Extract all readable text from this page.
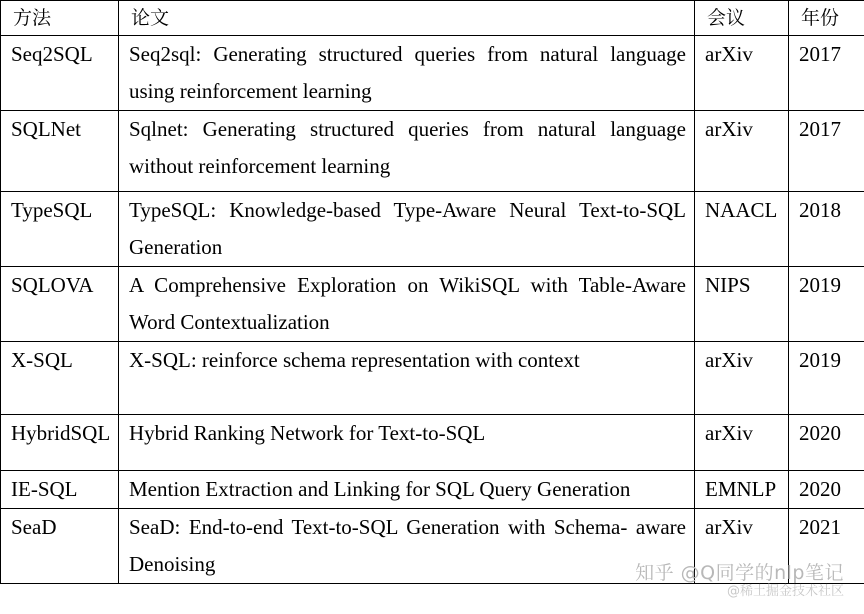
方法	论文	会议	年份
Seq2SQL	Seq2sql: Generating structured queries from natural language using reinforcement learning	arXiv	2017
SQLNet	Sqlnet: Generating structured queries from natural language without reinforcement learning	arXiv	2017
TypeSQL	TypeSQL: Knowledge-based Type-Aware Neural Text-to-SQL Generation	NAACL	2018
SQLOVA	A Comprehensive Exploration on WikiSQL with Table-Aware Word Contextualization	NIPS	2019
X-SQL	X-SQL: reinforce schema representation with context	arXiv	2019
HybridSQL	Hybrid Ranking Network for Text-to-SQL	arXiv	2020
IE-SQL	Mention Extraction and Linking for SQL Query Generation	EMNLP	2020
SeaD	SeaD: End-to-end Text-to-SQL Generation with Schema- aware Denoising	arXiv	2021
知乎 @Q同学的nlp笔记
@稀土掘金技术社区
